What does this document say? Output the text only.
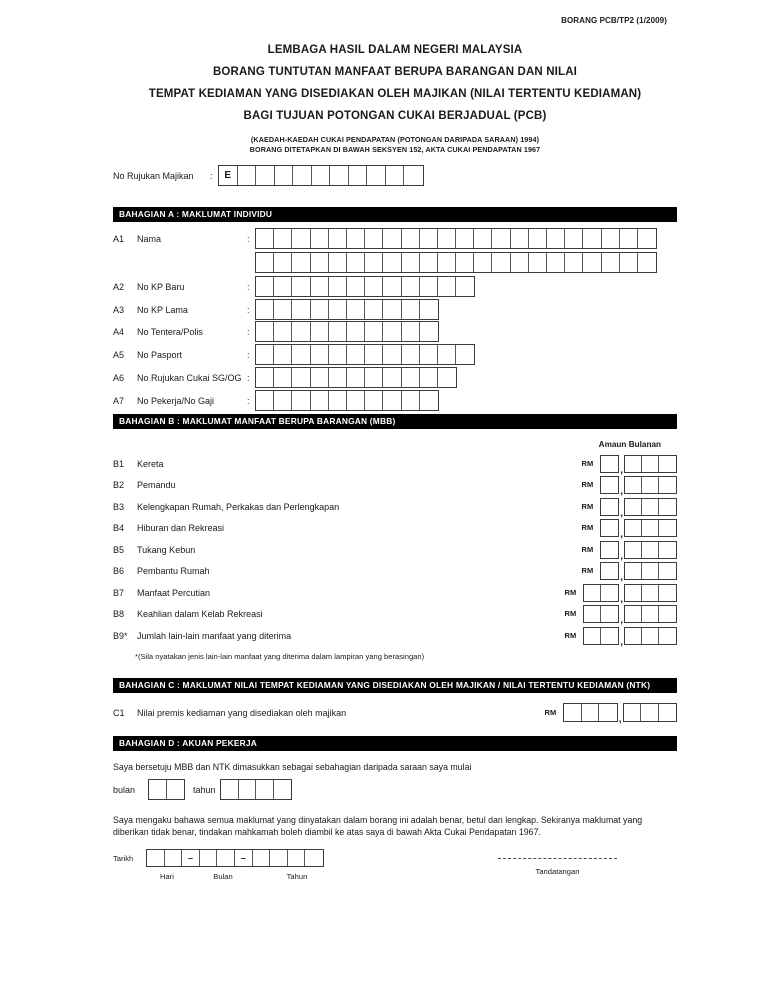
BORANG PCB/TP2 (1/2009)
LEMBAGA HASIL DALAM NEGERI MALAYSIA
BORANG TUNTUTAN MANFAAT BERUPA BARANGAN DAN NILAI
TEMPAT KEDIAMAN YANG DISEDIAKAN OLEH MAJIKAN (NILAI TERTENTU KEDIAMAN)
BAGI TUJUAN POTONGAN CUKAI BERJADUAL (PCB)
(KAEDAH-KAEDAH CUKAI PENDAPATAN (POTONGAN DARIPADA SARAAN) 1994)
BORANG DITETAPKAN DI BAWAH SEKSYEN 152, AKTA CUKAI PENDAPATAN 1967
No Rujukan Majikan	:	E
BAHAGIAN A : MAKLUMAT INDIVIDU
A1	Nama	:
A2	No KP Baru	:
A3	No KP Lama	:
A4	No Tentera/Polis	:
A5	No Pasport	:
A6	No Rujukan Cukai SG/OG :
A7	No Pekerja/No Gaji	:
BAHAGIAN B : MAKLUMAT MANFAAT BERUPA BARANGAN (MBB)
Amaun Bulanan
B1	Kereta	RM
,
B2	Pemandu	RM
,
B3	Kelengkapan Rumah, Perkakas dan Perlengkapan	RM
,
B4	Hiburan dan Rekreasi	RM
,
B5	Tukang Kebun	RM
,
B6	Pembantu Rumah	RM
,
B7	Manfaat Percutian	RM
,
B8	Keahlian dalam Kelab Rekreasi	RM
,
B9*	Jumlah lain-lain manfaat yang diterima	RM
,
*(Sila nyatakan jenis lain-lain manfaat yang diterima dalam lampiran yang berasingan)
BAHAGIAN C : MAKLUMAT NILAI TEMPAT KEDIAMAN YANG DISEDIAKAN OLEH MAJIKAN / NILAI TERTENTU KEDIAMAN (NTK)
C1	Nilai premis kediaman yang disediakan oleh majikan	RM
,
BAHAGIAN D : AKUAN PEKERJA
Saya bersetuju MBB dan NTK dimasukkan sebagai sebahagian daripada saraan saya mulai
bulan	tahun
Saya mengaku bahawa semua maklumat yang dinyatakan dalam borang ini adalah benar, betul dan lengkap. Sekiranya maklumat yang diberikan tidak benar, tindakan mahkamah boleh diambil ke atas saya di bawah Akta Cukai Pendapatan 1967.
Tarikh	–	–
Hari	Bulan	Tahun
Tandatangan
